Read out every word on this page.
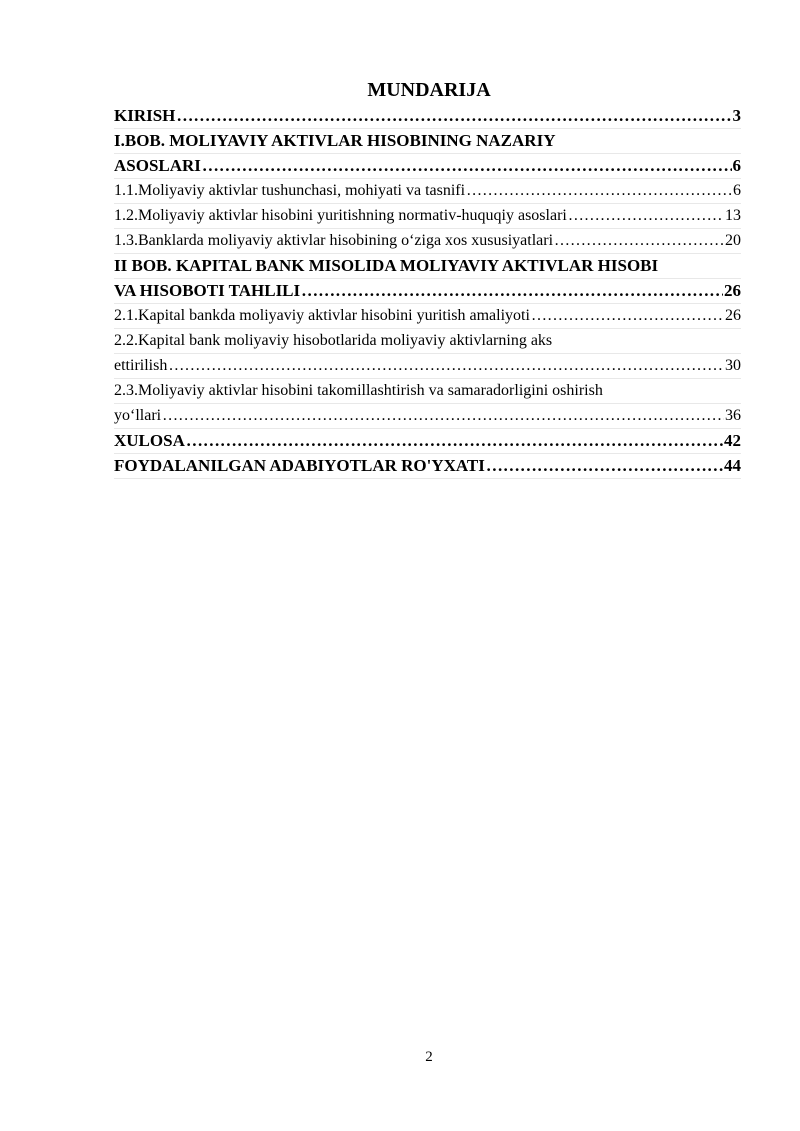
MUNDARIJA
KIRISH ………………………………………………………………………………………………………………………………………………………………………………	3
I.BOB. MOLIYAVIY AKTIVLAR HISOBINING NAZARIY
ASOSLARI ………………………………………………………………………………………………………………………………………………………………………………	6
1.1.Moliyaviy aktivlar tushunchasi, mohiyati va tasnifi ………………………………………………………………………………………………………………………………………………………………………………	6
1.2.Moliyaviy aktivlar hisobini yuritishning normativ-huquqiy asoslari ………………………………………………………………………………………………………………………………………………………………………………	13
1.3.Banklarda moliyaviy aktivlar hisobining o‘ziga xos xususiyatlari ………………………………………………………………………………………………………………………………………………………………………………	20
II BOB. KAPITAL BANK MISOLIDA MOLIYAVIY AKTIVLAR HISOBI
VA HISOBOTI TAHLILI ………………………………………………………………………………………………………………………………………………………………………………	26
2.1.Kapital bankda moliyaviy aktivlar hisobini yuritish amaliyoti ………………………………………………………………………………………………………………………………………………………………………………	26
2.2.Kapital bank moliyaviy hisobotlarida moliyaviy aktivlarning aks
ettirilish ………………………………………………………………………………………………………………………………………………………………………………	30
2.3.Moliyaviy aktivlar hisobini takomillashtirish va samaradorligini oshirish
yo‘llari ………………………………………………………………………………………………………………………………………………………………………………	36
XULOSA ………………………………………………………………………………………………………………………………………………………………………………	42
FOYDALANILGAN ADABIYOTLAR RO'YXATI ………………………………………………………………………………………………………………………………………………………………………………	44
2
